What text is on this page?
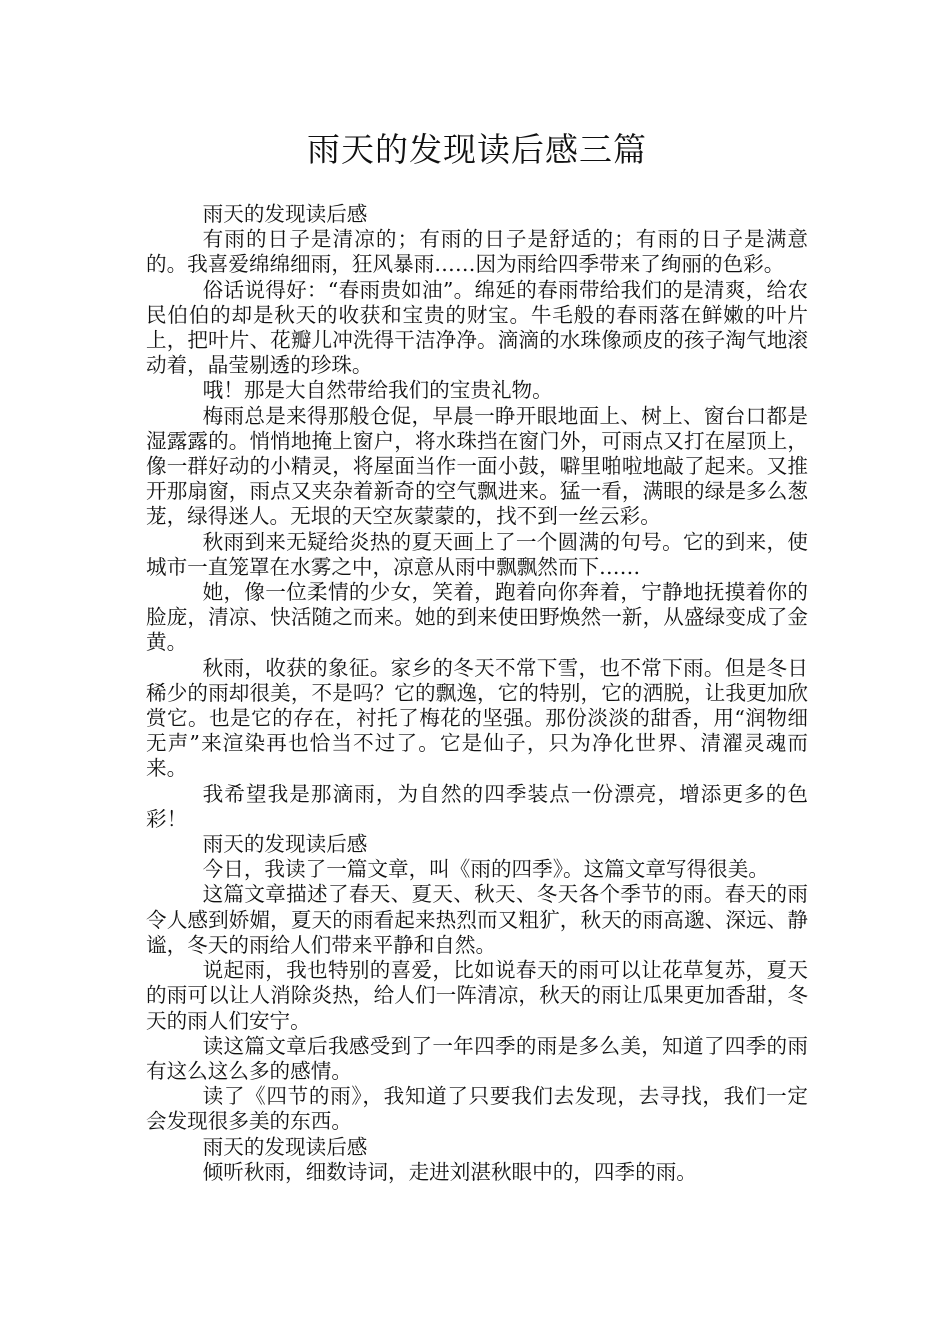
雨天的发现读后感三篇

雨天的发现读后感

有雨的日子是清凉的；有雨的日子是舒适的；有雨的日子是满意的。我喜爱绵绵细雨，狂风暴雨……因为雨给四季带来了绚丽的色彩。

俗话说得好：“春雨贵如油”。绵延的春雨带给我们的是清爽，给农民伯伯的却是秋天的收获和宝贵的财宝。牛毛般的春雨落在鲜嫩的叶片上，把叶片、花瓣儿冲洗得干洁净净。滴滴的水珠像顽皮的孩子淘气地滚动着，晶莹剔透的珍珠。

哦！那是大自然带给我们的宝贵礼物。

梅雨总是来得那般仓促，早晨一睁开眼地面上、树上、窗台口都是湿露露的。悄悄地掩上窗户，将水珠挡在窗门外，可雨点又打在屋顶上，像一群好动的小精灵，将屋面当作一面小鼓，噼里啪啦地敲了起来。又推开那扇窗，雨点又夹杂着新奇的空气飘进来。猛一看，满眼的绿是多么葱茏，绿得迷人。无垠的天空灰蒙蒙的，找不到一丝云彩。

秋雨到来无疑给炎热的夏天画上了一个圆满的句号。它的到来，使城市一直笼罩在水雾之中，凉意从雨中飘飘然而下……

她，像一位柔情的少女，笑着，跑着向你奔着，宁静地抚摸着你的脸庞，清凉、快活随之而来。她的到来使田野焕然一新，从盛绿变成了金黄。

秋雨，收获的象征。家乡的冬天不常下雪，也不常下雨。但是冬日稀少的雨却很美，不是吗？它的飘逸，它的特别，它的洒脱，让我更加欣赏它。也是它的存在，衬托了梅花的坚强。那份淡淡的甜香，用“润物细无声”来渲染再也恰当不过了。它是仙子，只为净化世界、清濯灵魂而来。

我希望我是那滴雨，为自然的四季装点一份漂亮，增添更多的色彩！

雨天的发现读后感

今日，我读了一篇文章，叫《雨的四季》。这篇文章写得很美。

这篇文章描述了春天、夏天、秋天、冬天各个季节的雨。春天的雨令人感到娇媚，夏天的雨看起来热烈而又粗犷，秋天的雨高邈、深远、静谧，冬天的雨给人们带来平静和自然。

说起雨，我也特别的喜爱，比如说春天的雨可以让花草复苏，夏天的雨可以让人消除炎热，给人们一阵清凉，秋天的雨让瓜果更加香甜，冬天的雨人们安宁。

读这篇文章后我感受到了一年四季的雨是多么美，知道了四季的雨有这么这么多的感情。

读了《四节的雨》，我知道了只要我们去发现，去寻找，我们一定会发现很多美的东西。

雨天的发现读后感

倾听秋雨，细数诗词，走进刘湛秋眼中的，四季的雨。
